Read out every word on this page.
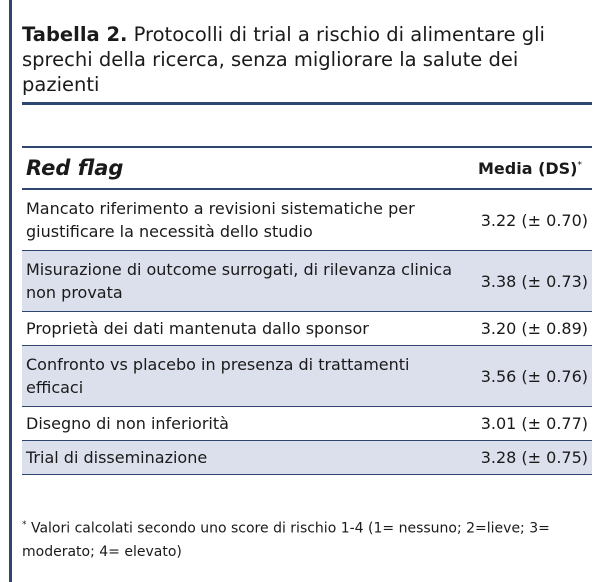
Tabella 2. Protocolli di trial a rischio di alimentare gli sprechi della ricerca, senza migliorare la salute dei pazienti
Red flag	Media (DS)*
Mancato riferimento a revisioni sistematiche per giustificare la necessità dello studio	3.22 (± 0.70)
Misurazione di outcome surrogati, di rilevanza clinica non provata	3.38 (± 0.73)
Proprietà dei dati mantenuta dallo sponsor	3.20 (± 0.89)
Confronto vs placebo in presenza di trattamenti efficaci	3.56 (± 0.76)
Disegno di non inferiorità	3.01 (± 0.77)
Trial di disseminazione	3.28 (± 0.75)
* Valori calcolati secondo uno score di rischio 1-4 (1= nessuno; 2=lieve; 3= moderato; 4= elevato)
